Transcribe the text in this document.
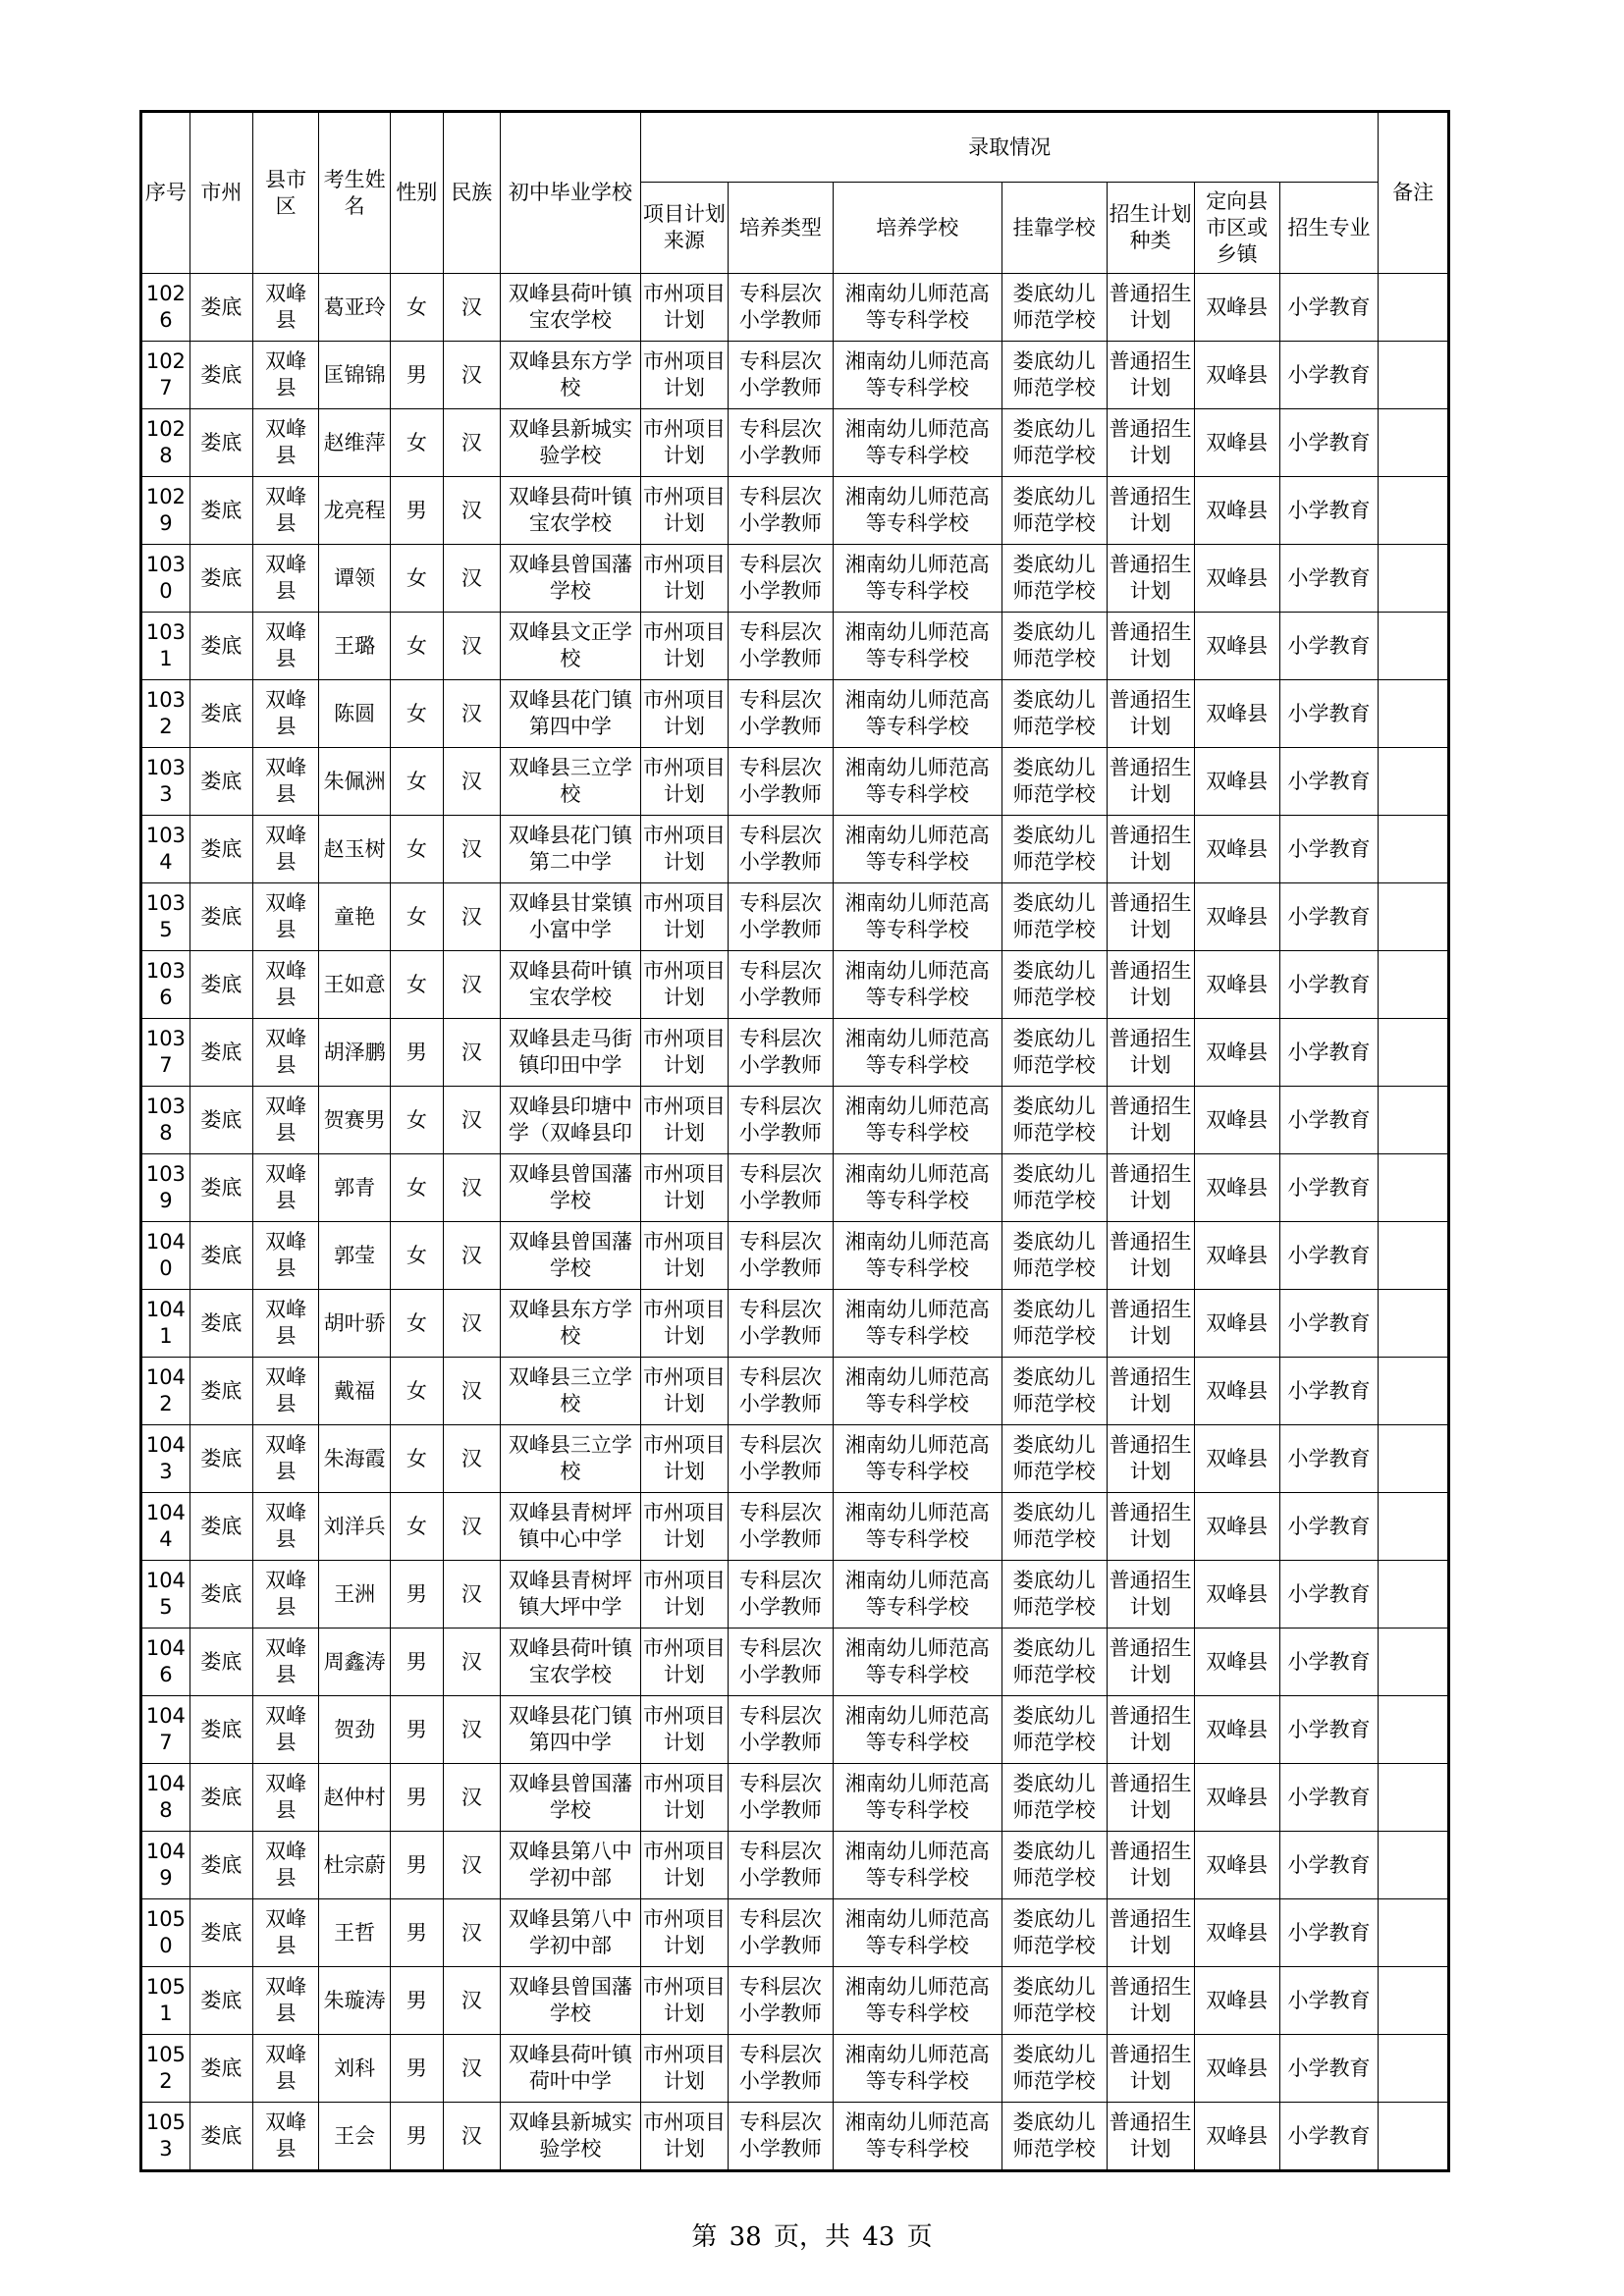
序号	市州	县市区	考生姓名	性别	民族	初中毕业学校	录取情况							备注
							项目计划来源	培养类型	培养学校	挂靠学校	招生计划种类	定向县市区或乡镇	招生专业	
1026	娄底	双峰县	葛亚玲	女	汉	双峰县荷叶镇宝农学校	市州项目计划	专科层次小学教师	湘南幼儿师范高等专科学校	娄底幼儿师范学校	普通招生计划	双峰县	小学教育	

1027	娄底	双峰县	匡锦锦	男	汉	双峰县东方学校	市州项目计划	专科层次小学教师	湘南幼儿师范高等专科学校	娄底幼儿师范学校	普通招生计划	双峰县	小学教育	

1028	娄底	双峰县	赵维萍	女	汉	双峰县新城实验学校	市州项目计划	专科层次小学教师	湘南幼儿师范高等专科学校	娄底幼儿师范学校	普通招生计划	双峰县	小学教育	

1029	娄底	双峰县	龙亮程	男	汉	双峰县荷叶镇宝农学校	市州项目计划	专科层次小学教师	湘南幼儿师范高等专科学校	娄底幼儿师范学校	普通招生计划	双峰县	小学教育	

1030	娄底	双峰县	谭领	女	汉	双峰县曾国藩学校	市州项目计划	专科层次小学教师	湘南幼儿师范高等专科学校	娄底幼儿师范学校	普通招生计划	双峰县	小学教育	

1031	娄底	双峰县	王璐	女	汉	双峰县文正学校	市州项目计划	专科层次小学教师	湘南幼儿师范高等专科学校	娄底幼儿师范学校	普通招生计划	双峰县	小学教育	

1032	娄底	双峰县	陈圆	女	汉	双峰县花门镇第四中学	市州项目计划	专科层次小学教师	湘南幼儿师范高等专科学校	娄底幼儿师范学校	普通招生计划	双峰县	小学教育	

1033	娄底	双峰县	朱佩洲	女	汉	双峰县三立学校	市州项目计划	专科层次小学教师	湘南幼儿师范高等专科学校	娄底幼儿师范学校	普通招生计划	双峰县	小学教育	

1034	娄底	双峰县	赵玉树	女	汉	双峰县花门镇第二中学	市州项目计划	专科层次小学教师	湘南幼儿师范高等专科学校	娄底幼儿师范学校	普通招生计划	双峰县	小学教育	

1035	娄底	双峰县	童艳	女	汉	双峰县甘棠镇小富中学	市州项目计划	专科层次小学教师	湘南幼儿师范高等专科学校	娄底幼儿师范学校	普通招生计划	双峰县	小学教育	

1036	娄底	双峰县	王如意	女	汉	双峰县荷叶镇宝农学校	市州项目计划	专科层次小学教师	湘南幼儿师范高等专科学校	娄底幼儿师范学校	普通招生计划	双峰县	小学教育	

1037	娄底	双峰县	胡泽鹏	男	汉	双峰县走马街镇印田中学	市州项目计划	专科层次小学教师	湘南幼儿师范高等专科学校	娄底幼儿师范学校	普通招生计划	双峰县	小学教育	

1038	娄底	双峰县	贺赛男	女	汉	双峰县印塘中学（双峰县印	市州项目计划	专科层次小学教师	湘南幼儿师范高等专科学校	娄底幼儿师范学校	普通招生计划	双峰县	小学教育	

1039	娄底	双峰县	郭青	女	汉	双峰县曾国藩学校	市州项目计划	专科层次小学教师	湘南幼儿师范高等专科学校	娄底幼儿师范学校	普通招生计划	双峰县	小学教育	

1040	娄底	双峰县	郭莹	女	汉	双峰县曾国藩学校	市州项目计划	专科层次小学教师	湘南幼儿师范高等专科学校	娄底幼儿师范学校	普通招生计划	双峰县	小学教育	

1041	娄底	双峰县	胡叶骄	女	汉	双峰县东方学校	市州项目计划	专科层次小学教师	湘南幼儿师范高等专科学校	娄底幼儿师范学校	普通招生计划	双峰县	小学教育	

1042	娄底	双峰县	戴福	女	汉	双峰县三立学校	市州项目计划	专科层次小学教师	湘南幼儿师范高等专科学校	娄底幼儿师范学校	普通招生计划	双峰县	小学教育	

1043	娄底	双峰县	朱海霞	女	汉	双峰县三立学校	市州项目计划	专科层次小学教师	湘南幼儿师范高等专科学校	娄底幼儿师范学校	普通招生计划	双峰县	小学教育	

1044	娄底	双峰县	刘洋兵	女	汉	双峰县青树坪镇中心中学	市州项目计划	专科层次小学教师	湘南幼儿师范高等专科学校	娄底幼儿师范学校	普通招生计划	双峰县	小学教育	

1045	娄底	双峰县	王洲	男	汉	双峰县青树坪镇大坪中学	市州项目计划	专科层次小学教师	湘南幼儿师范高等专科学校	娄底幼儿师范学校	普通招生计划	双峰县	小学教育	

1046	娄底	双峰县	周鑫涛	男	汉	双峰县荷叶镇宝农学校	市州项目计划	专科层次小学教师	湘南幼儿师范高等专科学校	娄底幼儿师范学校	普通招生计划	双峰县	小学教育	

1047	娄底	双峰县	贺劲	男	汉	双峰县花门镇第四中学	市州项目计划	专科层次小学教师	湘南幼儿师范高等专科学校	娄底幼儿师范学校	普通招生计划	双峰县	小学教育	

1048	娄底	双峰县	赵仲村	男	汉	双峰县曾国藩学校	市州项目计划	专科层次小学教师	湘南幼儿师范高等专科学校	娄底幼儿师范学校	普通招生计划	双峰县	小学教育	

1049	娄底	双峰县	杜宗蔚	男	汉	双峰县第八中学初中部	市州项目计划	专科层次小学教师	湘南幼儿师范高等专科学校	娄底幼儿师范学校	普通招生计划	双峰县	小学教育	

1050	娄底	双峰县	王哲	男	汉	双峰县第八中学初中部	市州项目计划	专科层次小学教师	湘南幼儿师范高等专科学校	娄底幼儿师范学校	普通招生计划	双峰县	小学教育	

1051	娄底	双峰县	朱璇涛	男	汉	双峰县曾国藩学校	市州项目计划	专科层次小学教师	湘南幼儿师范高等专科学校	娄底幼儿师范学校	普通招生计划	双峰县	小学教育	

1052	娄底	双峰县	刘科	男	汉	双峰县荷叶镇荷叶中学	市州项目计划	专科层次小学教师	湘南幼儿师范高等专科学校	娄底幼儿师范学校	普通招生计划	双峰县	小学教育	

1053	娄底	双峰县	王会	男	汉	双峰县新城实验学校	市州项目计划	专科层次小学教师	湘南幼儿师范高等专科学校	娄底幼儿师范学校	普通招生计划	双峰县	小学教育	

第 38 页，共 43 页
